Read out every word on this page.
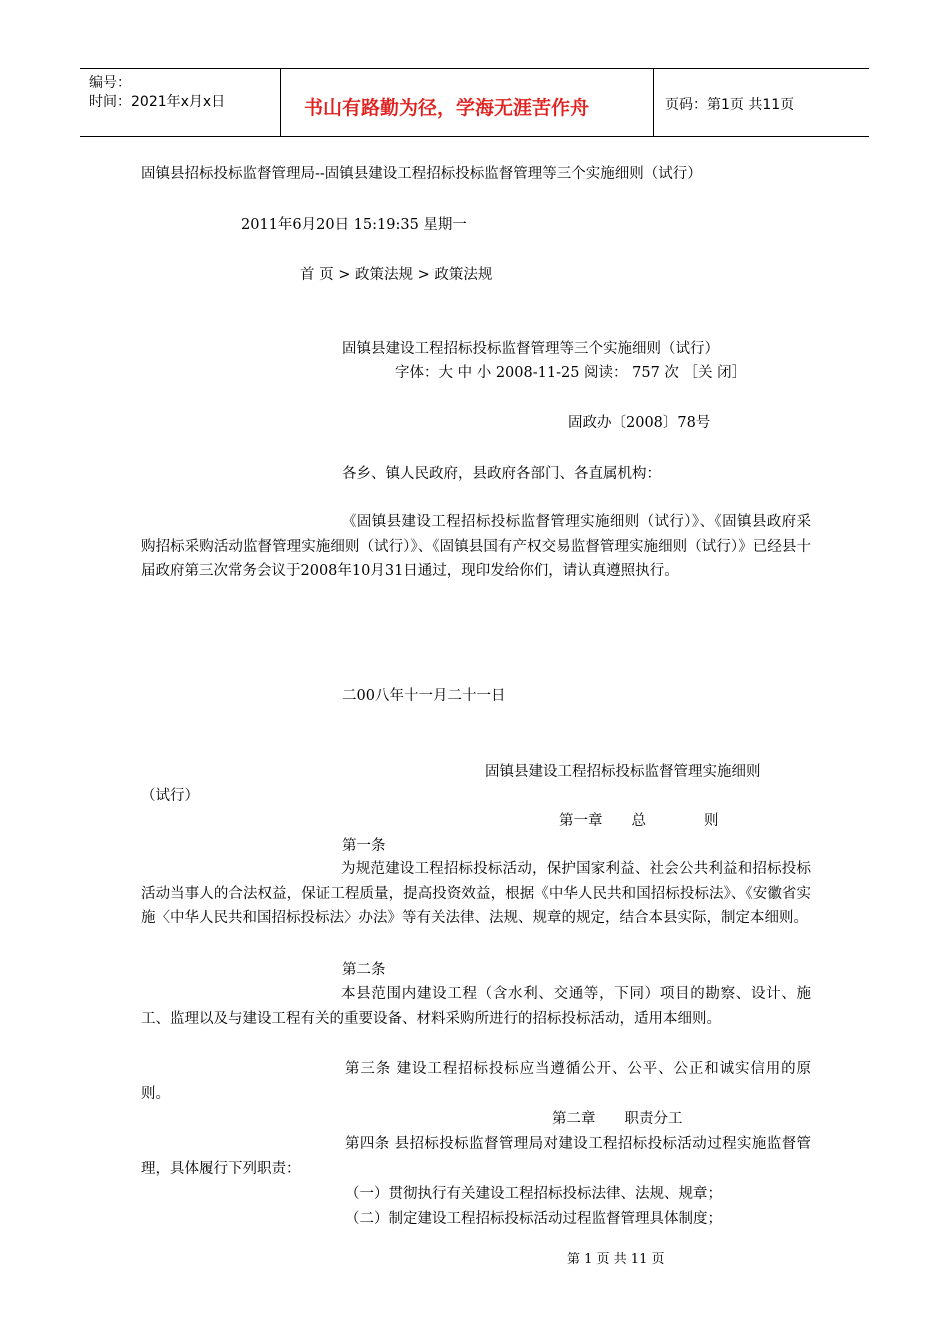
编号：
时间：2021年x月x日	书山有路勤为径，学海无涯苦作舟	页码：第1页 共11页
固镇县招标投标监督管理局--固镇县建设工程招标投标监督管理等三个实施细则（试行）
2011年6月20日 15:19:35 星期一
首 页 > 政策法规 > 政策法规
固镇县建设工程招标投标监督管理等三个实施细则（试行）
字体：大 中 小 2008-11-25 阅读： 757 次 ［关 闭］
固政办〔2008〕78号
各乡、镇人民政府，县政府各部门、各直属机构：
《固镇县建设工程招标投标监督管理实施细则（试行）》、《固镇县政府采购招标采购活动监督管理实施细则（试行）》、《固镇县国有产权交易监督管理实施细则（试行）》已经县十届政府第三次常务会议于2008年10月31日通过，现印发给你们，请认真遵照执行。
二00八年十一月二十一日
固镇县建设工程招标投标监督管理实施细则
（试行）
第一章　　总　　　　则
第一条
为规范建设工程招标投标活动，保护国家利益、社会公共利益和招标投标活动当事人的合法权益，保证工程质量，提高投资效益，根据《中华人民共和国招标投标法》、《安徽省实施〈中华人民共和国招标投标法〉办法》等有关法律、法规、规章的规定，结合本县实际，制定本细则。
第二条
本县范围内建设工程（含水利、交通等，下同）项目的勘察、设计、施工、监理以及与建设工程有关的重要设备、材料采购所进行的招标投标活动，适用本细则。
第三条 建设工程招标投标应当遵循公开、公平、公正和诚实信用的原则。
第二章　　职责分工
第四条 县招标投标监督管理局对建设工程招标投标活动过程实施监督管理，具体履行下列职责：
（一）贯彻执行有关建设工程招标投标法律、法规、规章；
（二）制定建设工程招标投标活动过程监督管理具体制度；
第 1 页 共 11 页
